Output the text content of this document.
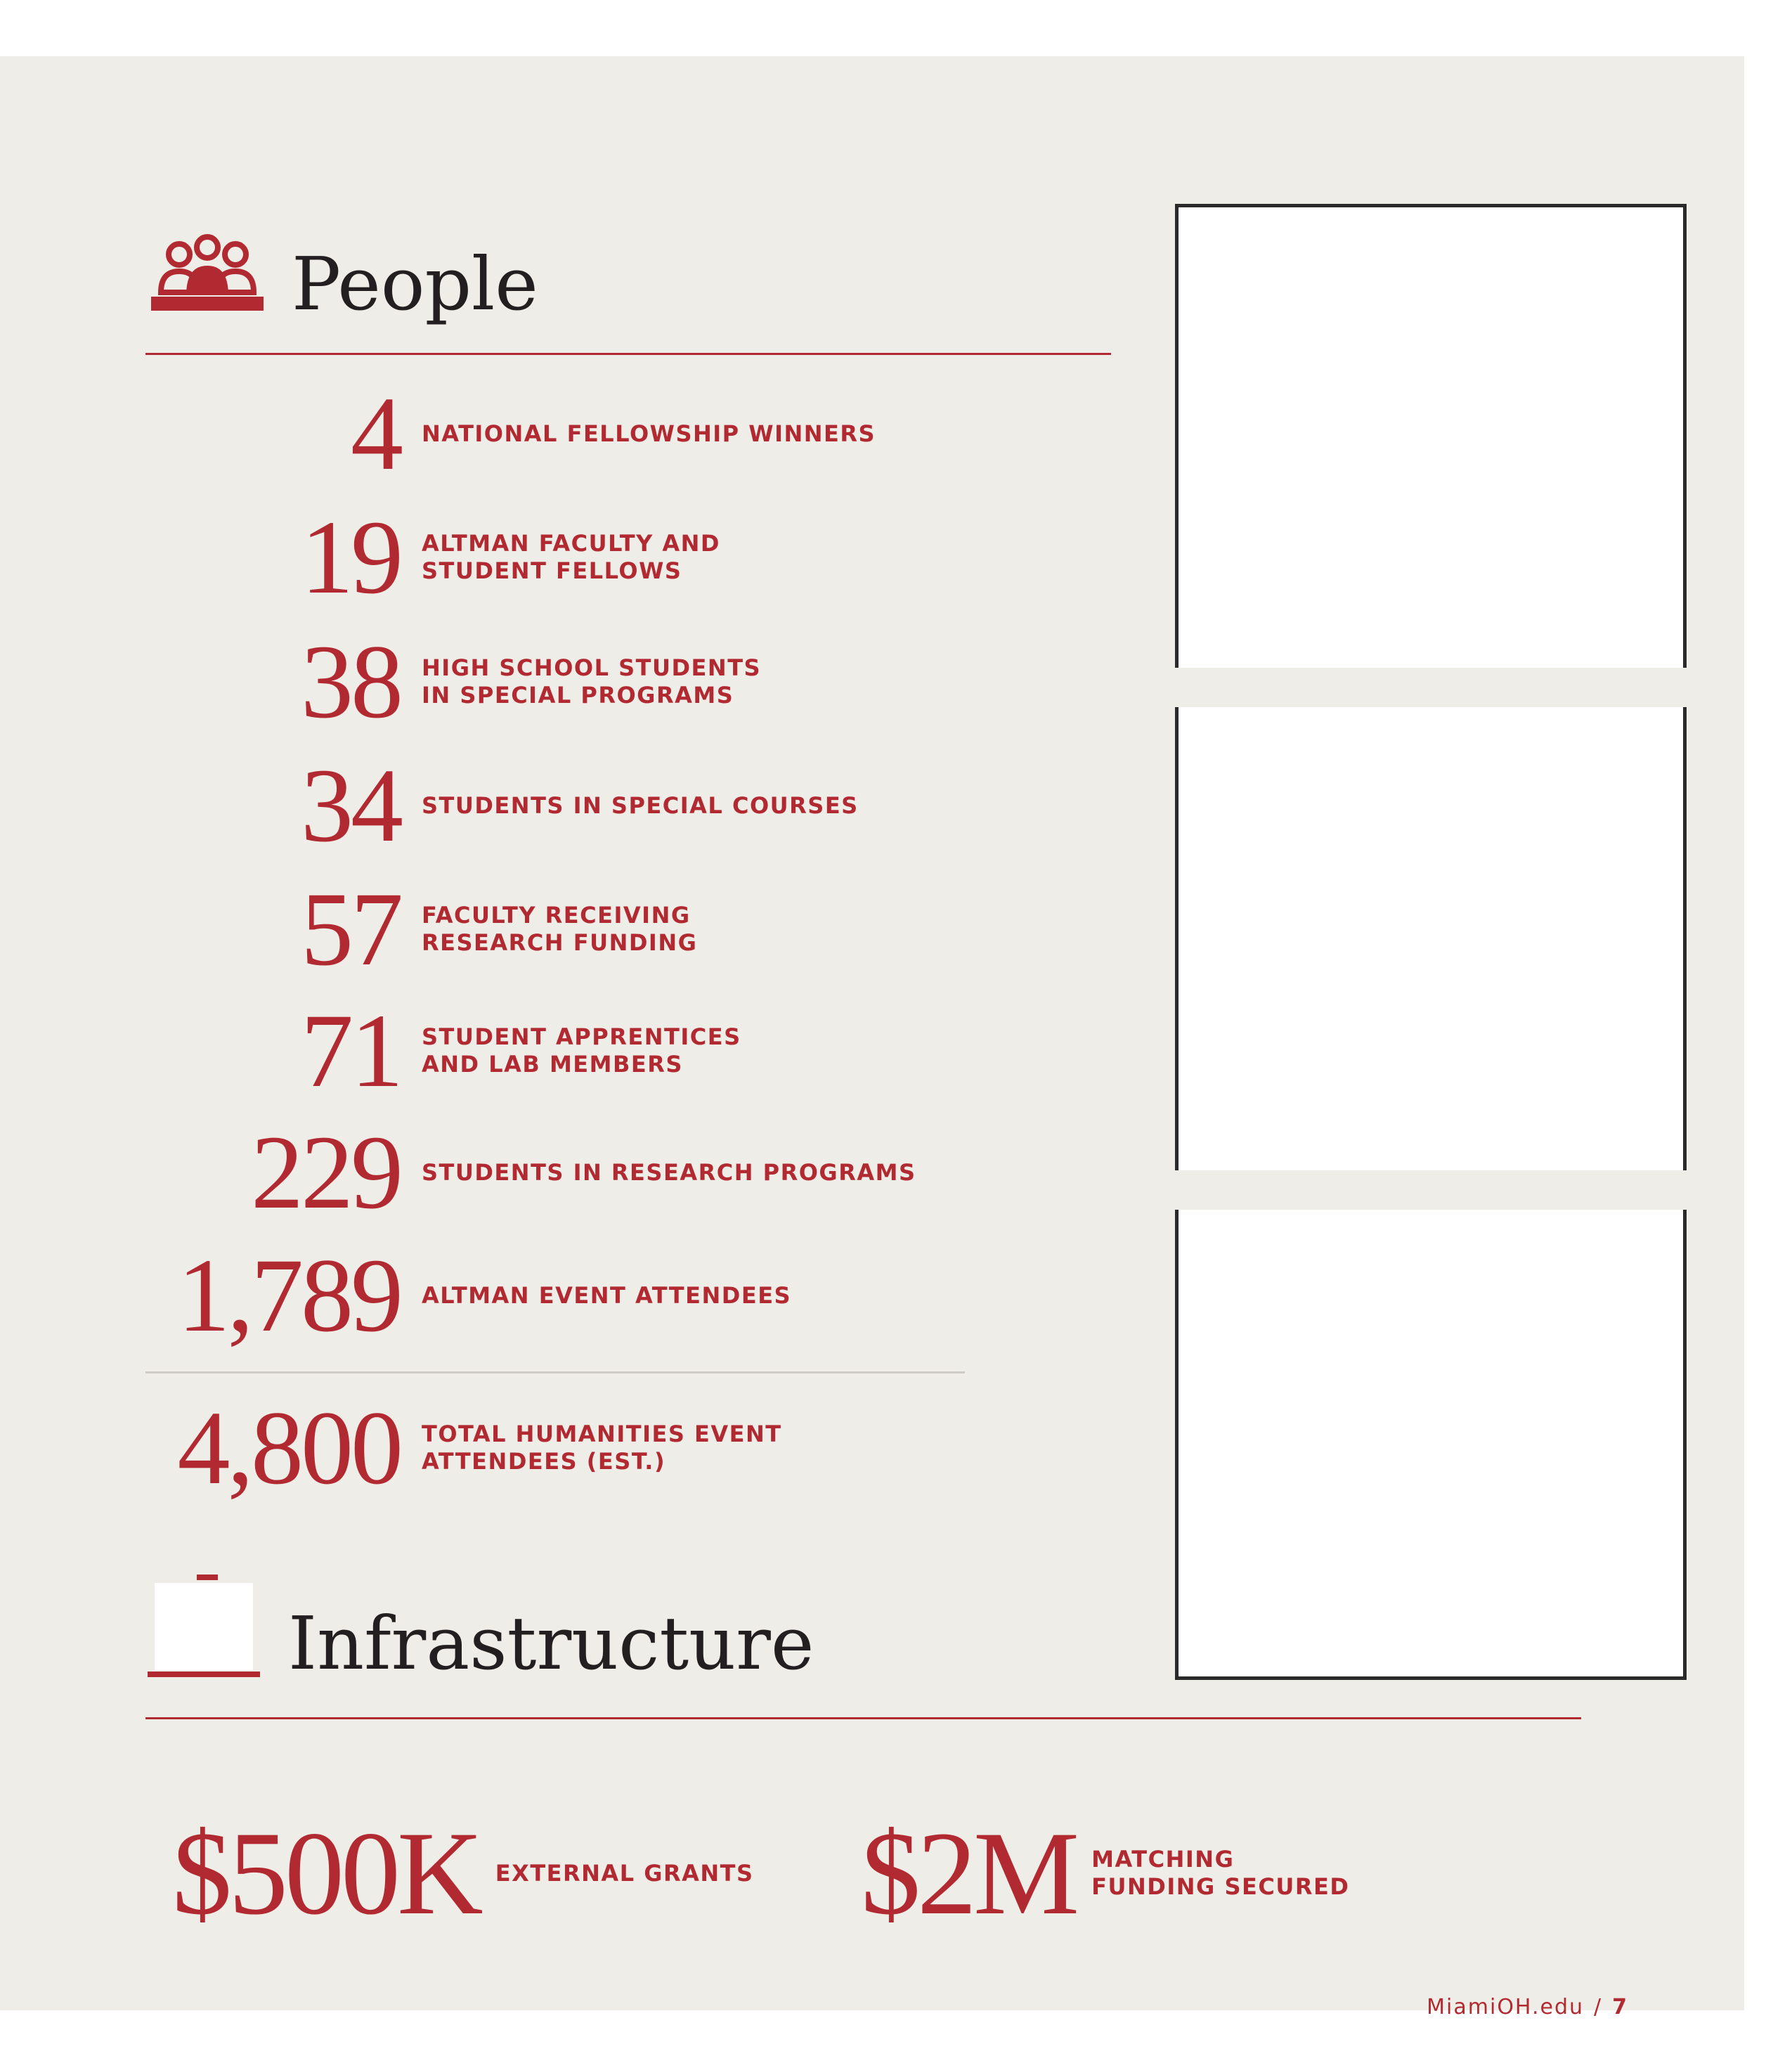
People
4 NATIONAL FELLOWSHIP WINNERS
19 ALTMAN FACULTY AND
STUDENT FELLOWS
38 HIGH SCHOOL STUDENTS
IN SPECIAL PROGRAMS
34 STUDENTS IN SPECIAL COURSES
57 FACULTY RECEIVING
RESEARCH FUNDING
71 STUDENT APPRENTICES
AND LAB MEMBERS
229 STUDENTS IN RESEARCH PROGRAMS
1,789 ALTMAN EVENT ATTENDEES
4,800 TOTAL HUMANITIES EVENT
ATTENDEES (EST.)
Infrastructure
$500K EXTERNAL GRANTS $2M MATCHING
FUNDING SECURED
MiamiOH.edu / 7
